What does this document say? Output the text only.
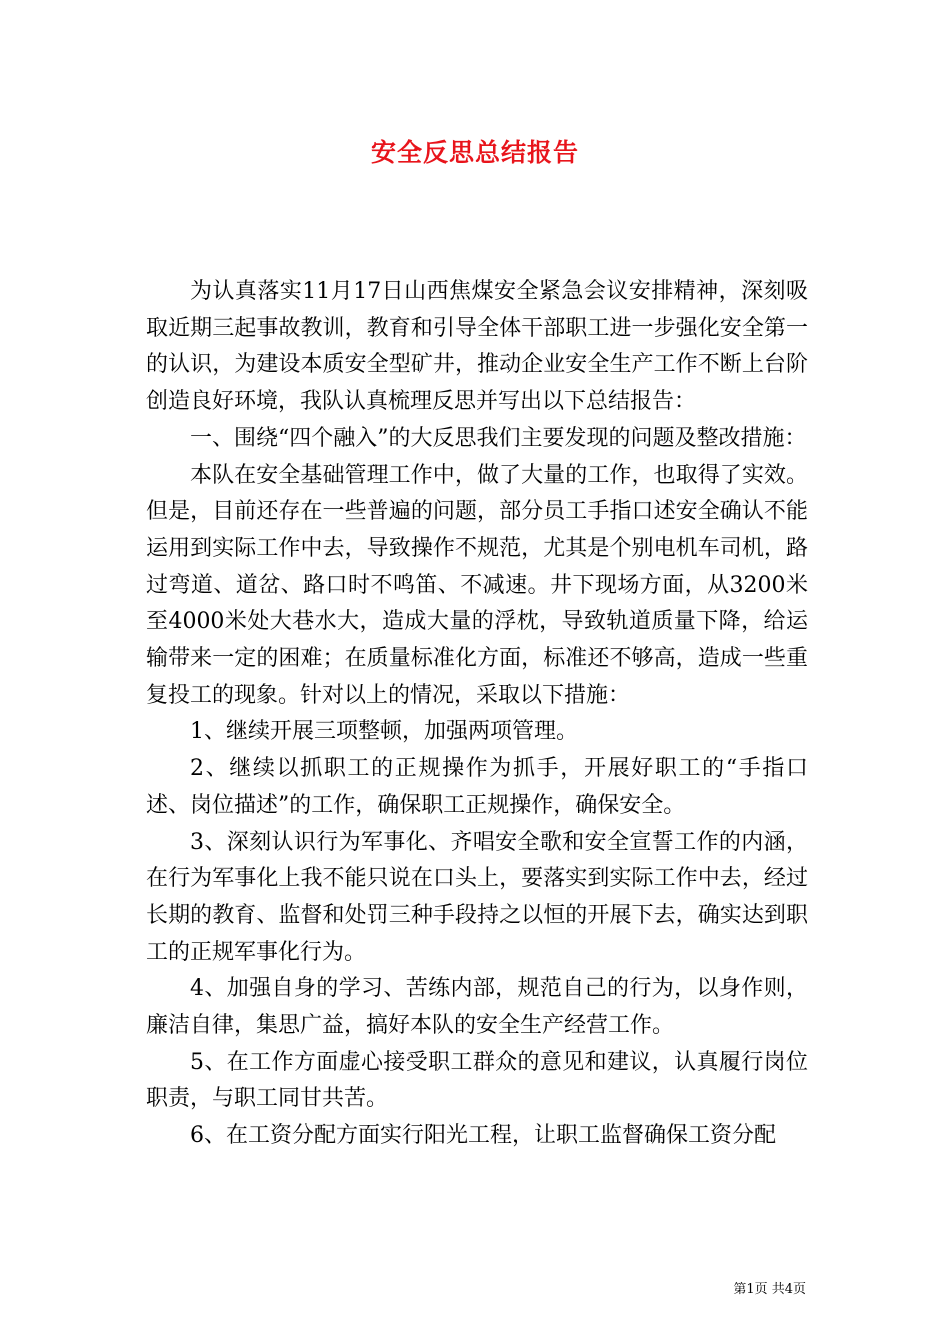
安全反思总结报告

为认真落实11月17日山西焦煤安全紧急会议安排精神，深刻吸取近期三起事故教训，教育和引导全体干部职工进一步强化安全第一的认识，为建设本质安全型矿井，推动企业安全生产工作不断上台阶创造良好环境，我队认真梳理反思并写出以下总结报告：

一、围绕“四个融入”的大反思我们主要发现的问题及整改措施：

本队在安全基础管理工作中，做了大量的工作，也取得了实效。但是，目前还存在一些普遍的问题，部分员工手指口述安全确认不能运用到实际工作中去，导致操作不规范，尤其是个别电机车司机，路过弯道、道岔、路口时不鸣笛、不减速。井下现场方面，从3200米至4000米处大巷水大，造成大量的浮枕，导致轨道质量下降，给运输带来一定的困难；在质量标准化方面，标准还不够高，造成一些重复投工的现象。针对以上的情况，采取以下措施：

1、继续开展三项整顿，加强两项管理。

2、继续以抓职工的正规操作为抓手，开展好职工的“手指口述、岗位描述”的工作，确保职工正规操作，确保安全。

3、深刻认识行为军事化、齐唱安全歌和安全宣誓工作的内涵，在行为军事化上我不能只说在口头上，要落实到实际工作中去，经过长期的教育、监督和处罚三种手段持之以恒的开展下去，确实达到职工的正规军事化行为。

4、加强自身的学习、苦练内部，规范自己的行为，以身作则，廉洁自律，集思广益，搞好本队的安全生产经营工作。

5、在工作方面虚心接受职工群众的意见和建议，认真履行岗位职责，与职工同甘共苦。

6、在工资分配方面实行阳光工程，让职工监督确保工资分配

第1页 共4页
